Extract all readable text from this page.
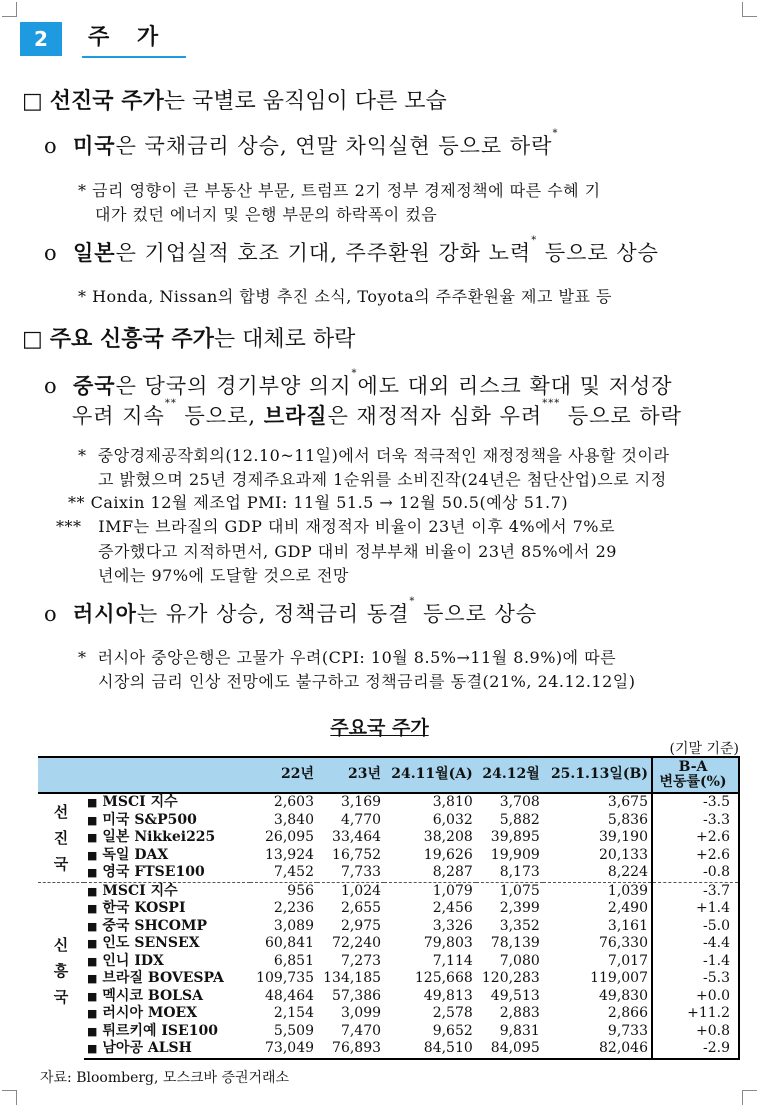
2	주 가
□ 선진국 주가는 국별로 움직임이 다른 모습
o 미국은 국채금리 상승, 연말 차익실현 등으로 하락*
* 금리 영향이 큰 부동산 부문, 트럼프 2기 정부 경제정책에 따른 수혜 기
대가 컸던 에너지 및 은행 부문의 하락폭이 컸음
o 일본은 기업실적 호조 기대, 주주환원 강화 노력* 등으로 상승
* Honda, Nissan의 합병 추진 소식, Toyota의 주주환원율 제고 발표 등
□ 주요 신흥국 주가는 대체로 하락
o 중국은 당국의 경기부양 의지*에도 대외 리스크 확대 및 저성장
우려 지속** 등으로, 브라질은 재정적자 심화 우려*** 등으로 하락
* 중앙경제공작회의(12.10~11일)에서 더욱 적극적인 재정정책을 사용할 것이라
고 밝혔으며 25년 경제주요과제 1순위를 소비진작(24년은 첨단산업)으로 지정
** Caixin 12월 제조업 PMI: 11월 51.5 → 12월 50.5(예상 51.7)
*** IMF는 브라질의 GDP 대비 재정적자 비율이 23년 이후 4%에서 7%로
증가했다고 지적하면서, GDP 대비 정부부채 비율이 23년 85%에서 29
년에는 97%에 도달할 것으로 전망
o 러시아는 유가 상승, 정책금리 동결* 등으로 상승
* 러시아 중앙은행은 고물가 우려(CPI: 10월 8.5%→11월 8.9%)에 따른
시장의 금리 인상 전망에도 불구하고 정책금리를 동결(21%, 24.12.12일)
주요국 주가
(기말 기준)
		22년	23년	24.11월(A)	24.12월	25.1.13일(B)	B-A
변동률(%)

선
진
국	■ MSCI 지수	2,603	3,169	3,810	3,708	3,675	-3.5
	■ 미국 S&P500	3,840	4,770	6,032	5,882	5,836	-3.3
	■ 일본 Nikkei225	26,095	33,464	38,208	39,895	39,190	+2.6
	■ 독일 DAX	13,924	16,752	19,626	19,909	20,133	+2.6
	■ 영국 FTSE100	7,452	7,733	8,287	8,173	8,224	-0.8

신
흥
국	■ MSCI 지수	956	1,024	1,079	1,075	1,039	-3.7
	■ 한국 KOSPI	2,236	2,655	2,456	2,399	2,490	+1.4
	■ 중국 SHCOMP	3,089	2,975	3,326	3,352	3,161	-5.0
	■ 인도 SENSEX	60,841	72,240	79,803	78,139	76,330	-4.4
	■ 인니 IDX	6,851	7,273	7,114	7,080	7,017	-1.4
	■ 브라질 BOVESPA	109,735	134,185	125,668	120,283	119,007	-5.3
	■ 멕시코 BOLSA	48,464	57,386	49,813	49,513	49,830	+0.0
	■ 러시아 MOEX	2,154	3,099	2,578	2,883	2,866	+11.2
	■ 튀르키예 ISE100	5,509	7,470	9,652	9,831	9,733	+0.8
	■ 남아공 ALSH	73,049	76,893	84,510	84,095	82,046	-2.9
자료: Bloomberg, 모스크바 증권거래소
